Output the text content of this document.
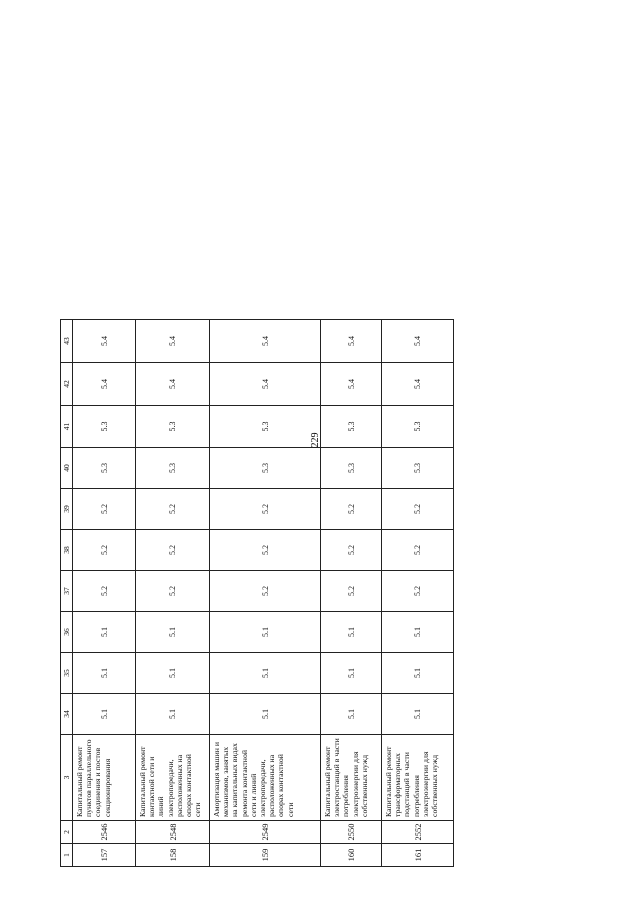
229
1	2	3	34	35	36	37	38	39	40	41	42	43
157	2546	Капитальный ремонт пунктов параллельного соединения и постов секционирования	5.1	5.1	5.1	5.2	5.2	5.2	5.3	5.3	5.4	5.4
158	2548	Капитальный ремонт контактной сети и линий электропередачи, расположенных на опорах контактной сети	5.1	5.1	5.1	5.2	5.2	5.2	5.3	5.3	5.4	5.4
159	2549	Амортизация машин и механизмов, занятых на капитальных видах ремонта контактной сети и линий электропередачи, расположенных на опорах контактной сети	5.1	5.1	5.1	5.2	5.2	5.2	5.3	5.3	5.4	5.4
160	2550	Капитальный ремонт электростанций в части потребления электроэнергии для собственных нужд	5.1	5.1	5.1	5.2	5.2	5.2	5.3	5.3	5.4	5.4
161	2552	Капитальный ремонт трансформаторных подстанций в части потребления электроэнергии для собственных нужд	5.1	5.1	5.1	5.2	5.2	5.2	5.3	5.3	5.4	5.4
